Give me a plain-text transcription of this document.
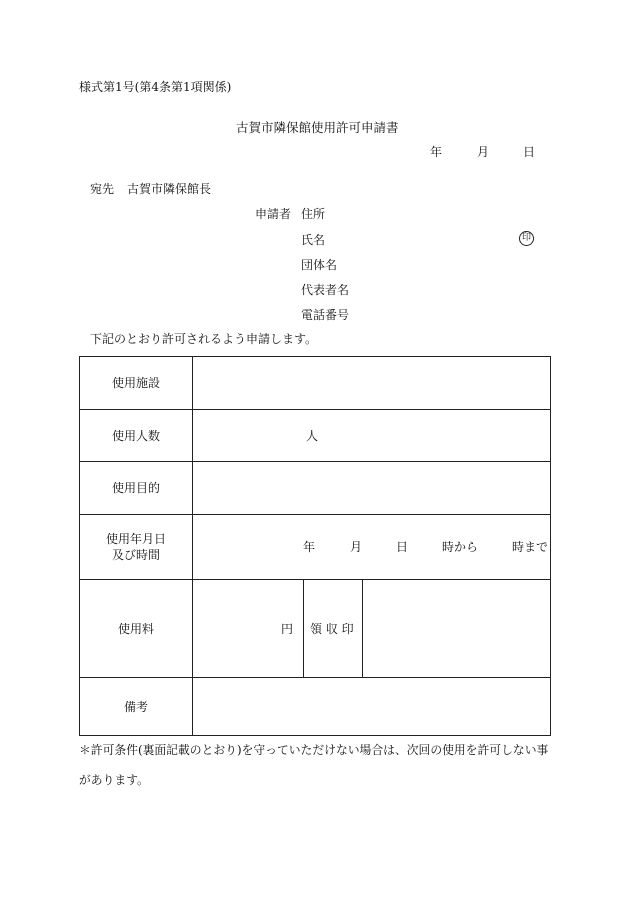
様式第1号(第4条第1項関係)
古賀市隣保館使用許可申請書
年	月	日
宛先 古賀市隣保館長
申請者 住所
氏名	印
団体名
代表者名
電話番号
下記のとおり許可されるよう申請します。
使用施設
使用人数	人
使用目的
使用年月日
及び時間
年	月	日	時から	時まで
使用料	円 領 収 印
備考
＊許可条件(裏面記載のとおり)を守っていただけない場合は、次回の使用を許可しない事
があります。
